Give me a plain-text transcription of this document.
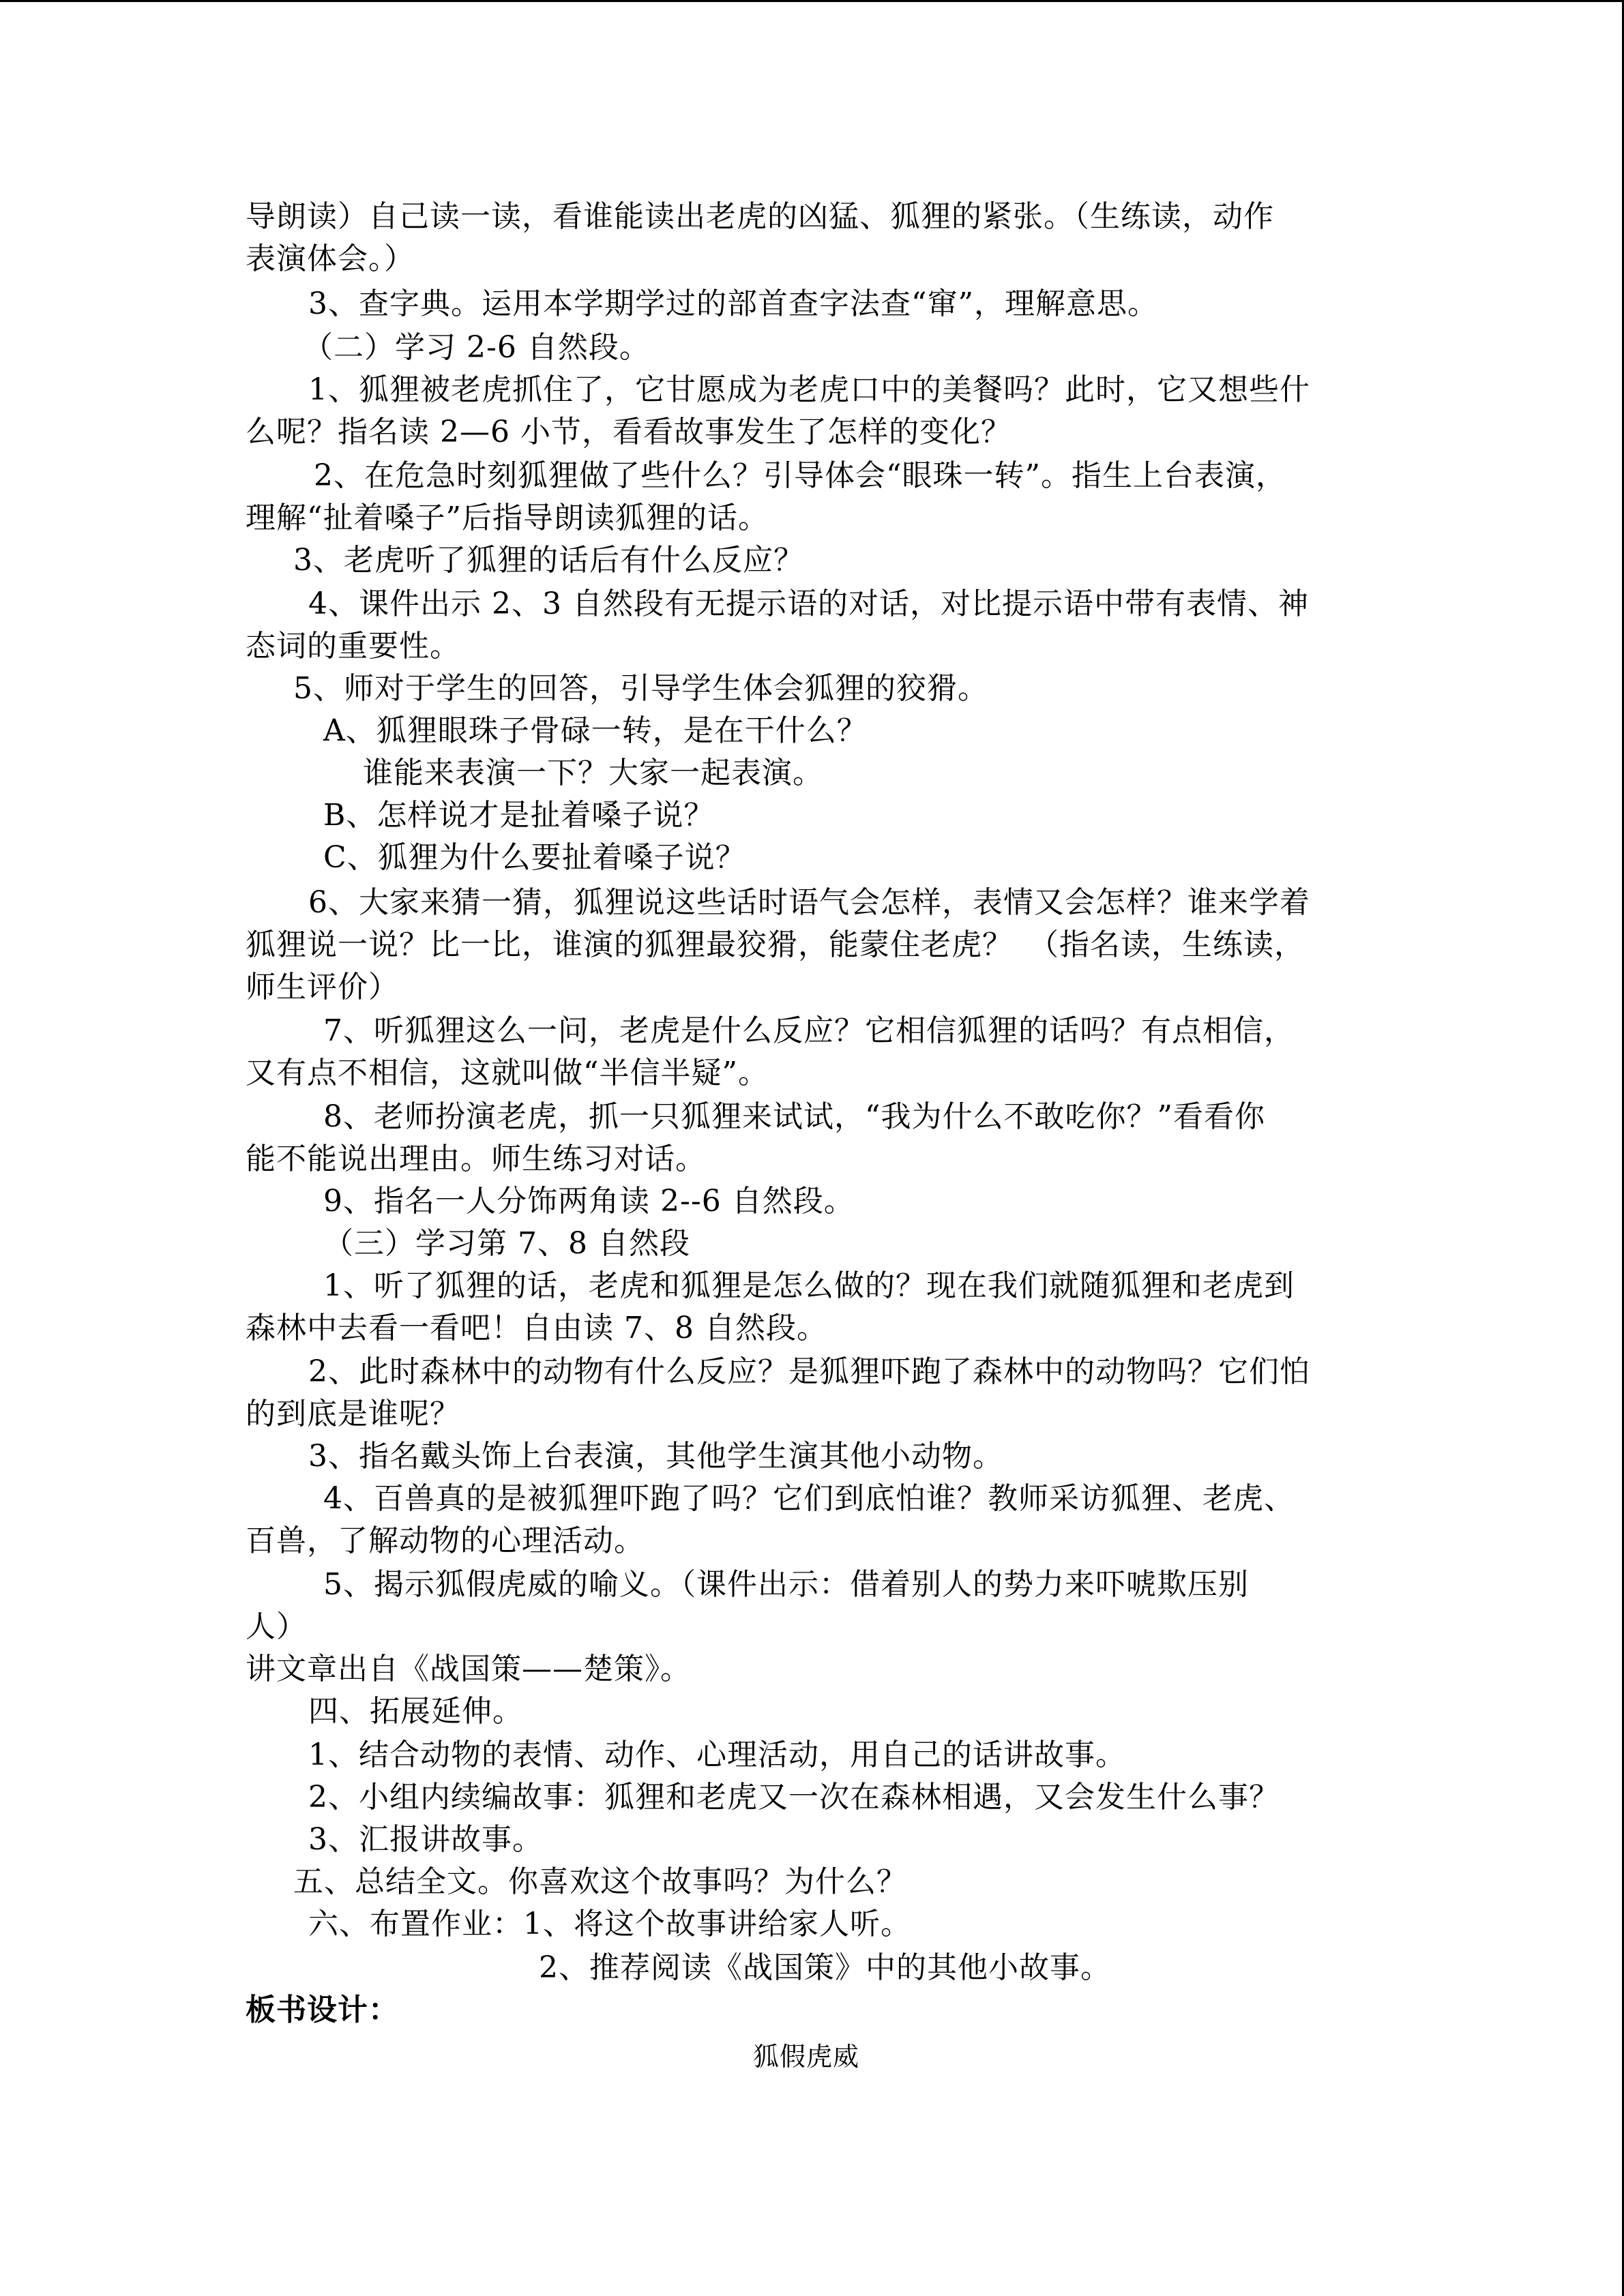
导朗读）自己读一读，看谁能读出老虎的凶猛、狐狸的紧张。（生练读，动作
表演体会。）
3、查字典。运用本学期学过的部首查字法查“窜”，理解意思。
（二）学习 2-6 自然段。
1、狐狸被老虎抓住了，它甘愿成为老虎口中的美餐吗？此时，它又想些什
么呢？指名读 2—6 小节，看看故事发生了怎样的变化？
2、在危急时刻狐狸做了些什么？引导体会“眼珠一转”。指生上台表演，
理解“扯着嗓子”后指导朗读狐狸的话。
3、老虎听了狐狸的话后有什么反应？
4、课件出示 2、3 自然段有无提示语的对话，对比提示语中带有表情、神
态词的重要性。
5、师对于学生的回答，引导学生体会狐狸的狡猾。
A、狐狸眼珠子骨碌一转，是在干什么？
谁能来表演一下？大家一起表演。
B、怎样说才是扯着嗓子说？
C、狐狸为什么要扯着嗓子说？
6、大家来猜一猜，狐狸说这些话时语气会怎样，表情又会怎样？谁来学着
狐狸说一说？比一比，谁演的狐狸最狡猾，能蒙住老虎？　（指名读，生练读，
师生评价）
7、听狐狸这么一问，老虎是什么反应？它相信狐狸的话吗？有点相信，
又有点不相信，这就叫做“半信半疑”。
8、老师扮演老虎，抓一只狐狸来试试，“我为什么不敢吃你？”看看你
能不能说出理由。师生练习对话。
9、指名一人分饰两角读 2--6 自然段。
（三）学习第 7、8 自然段
1、听了狐狸的话，老虎和狐狸是怎么做的？现在我们就随狐狸和老虎到
森林中去看一看吧！自由读 7、8 自然段。
2、此时森林中的动物有什么反应？是狐狸吓跑了森林中的动物吗？它们怕
的到底是谁呢？
3、指名戴头饰上台表演，其他学生演其他小动物。
4、百兽真的是被狐狸吓跑了吗？它们到底怕谁？教师采访狐狸、老虎、
百兽，了解动物的心理活动。
5、揭示狐假虎威的喻义。（课件出示：借着别人的势力来吓唬欺压别
人）
讲文章出自《战国策——楚策》。
四、拓展延伸。
1、结合动物的表情、动作、心理活动，用自己的话讲故事。
2、小组内续编故事：狐狸和老虎又一次在森林相遇，又会发生什么事？
3、汇报讲故事。
五、总结全文。你喜欢这个故事吗？为什么？
六、布置作业：1、将这个故事讲给家人听。
2、推荐阅读《战国策》中的其他小故事。
板书设计：
狐假虎威
